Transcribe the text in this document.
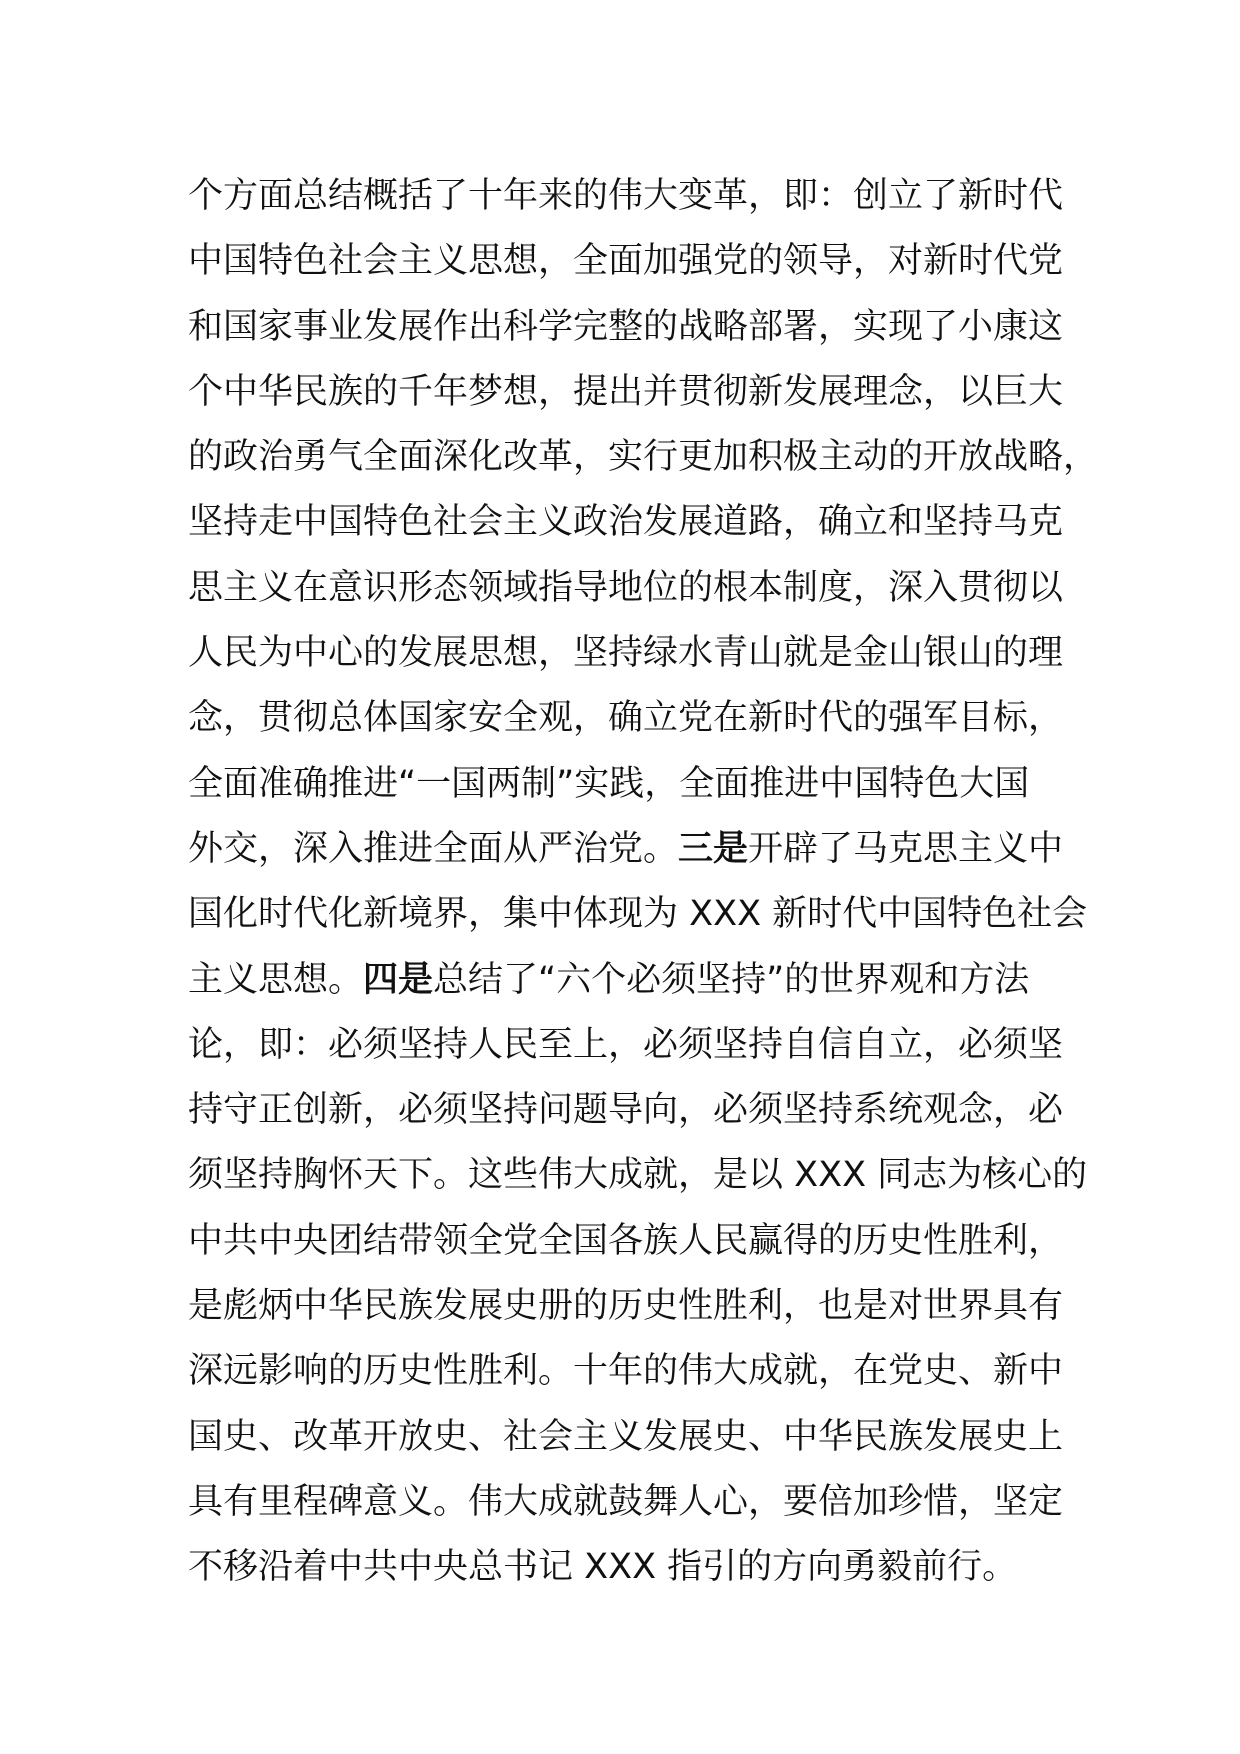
个方面总结概括了十年来的伟大变革，即：创立了新时代
中国特色社会主义思想，全面加强党的领导，对新时代党
和国家事业发展作出科学完整的战略部署，实现了小康这
个中华民族的千年梦想，提出并贯彻新发展理念，以巨大
的政治勇气全面深化改革，实行更加积极主动的开放战略，
坚持走中国特色社会主义政治发展道路，确立和坚持马克
思主义在意识形态领域指导地位的根本制度，深入贯彻以
人民为中心的发展思想，坚持绿水青山就是金山银山的理
念，贯彻总体国家安全观，确立党在新时代的强军目标，
全面准确推进“一国两制”实践，全面推进中国特色大国
外交，深入推进全面从严治党。三是开辟了马克思主义中
国化时代化新境界，集中体现为 XXX 新时代中国特色社会
主义思想。四是总结了“六个必须坚持”的世界观和方法
论，即：必须坚持人民至上，必须坚持自信自立，必须坚
持守正创新，必须坚持问题导向，必须坚持系统观念，必
须坚持胸怀天下。这些伟大成就，是以 XXX 同志为核心的
中共中央团结带领全党全国各族人民赢得的历史性胜利，
是彪炳中华民族发展史册的历史性胜利，也是对世界具有
深远影响的历史性胜利。十年的伟大成就，在党史、新中
国史、改革开放史、社会主义发展史、中华民族发展史上
具有里程碑意义。伟大成就鼓舞人心，要倍加珍惜，坚定
不移沿着中共中央总书记 XXX 指引的方向勇毅前行。
